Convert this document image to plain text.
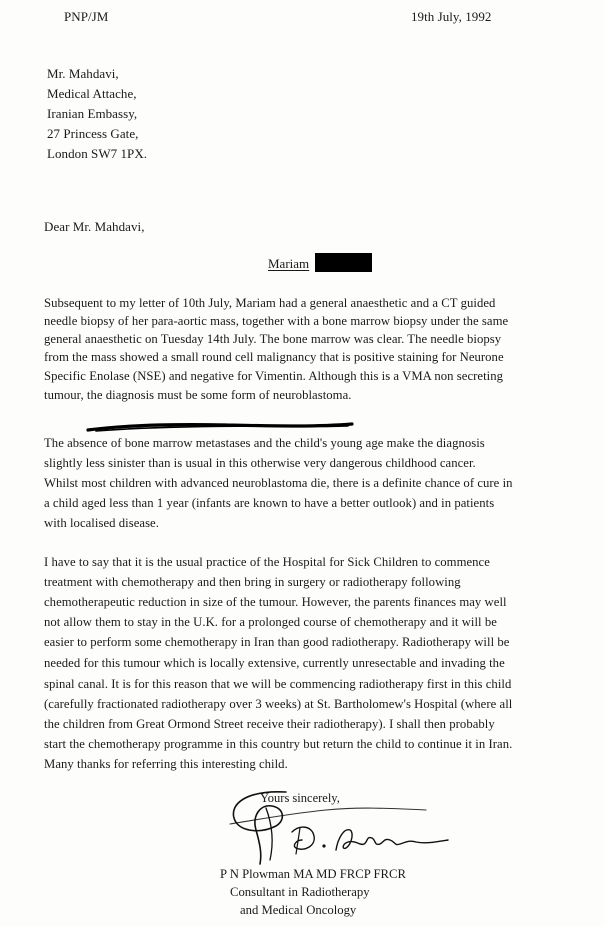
PNP/JM	19th July, 1992
Mr. Mahdavi,
Medical Attache,
Iranian Embassy,
27 Princess Gate,
London SW7 1PX.
Dear Mr. Mahdavi,
Mariam
Subsequent to my letter of 10th July, Mariam had a general anaesthetic and a CT guided
needle biopsy of her para-aortic mass, together with a bone marrow biopsy under the same
general anaesthetic on Tuesday 14th July. The bone marrow was clear. The needle biopsy
from the mass showed a small round cell malignancy that is positive staining for Neurone
Specific Enolase (NSE) and negative for Vimentin. Although this is a VMA non secreting
tumour, the diagnosis must be some form of neuroblastoma.
The absence of bone marrow metastases and the child's young age make the diagnosis
slightly less sinister than is usual in this otherwise very dangerous childhood cancer.
Whilst most children with advanced neuroblastoma die, there is a definite chance of cure in
a child aged less than 1 year (infants are known to have a better outlook) and in patients
with localised disease.
I have to say that it is the usual practice of the Hospital for Sick Children to commence
treatment with chemotherapy and then bring in surgery or radiotherapy following
chemotherapeutic reduction in size of the tumour. However, the parents finances may well
not allow them to stay in the U.K. for a prolonged course of chemotherapy and it will be
easier to perform some chemotherapy in Iran than good radiotherapy. Radiotherapy will be
needed for this tumour which is locally extensive, currently unresectable and invading the
spinal canal. It is for this reason that we will be commencing radiotherapy first in this child
(carefully fractionated radiotherapy over 3 weeks) at St. Bartholomew's Hospital (where all
the children from Great Ormond Street receive their radiotherapy). I shall then probably
start the chemotherapy programme in this country but return the child to continue it in Iran.
Many thanks for referring this interesting child.
Yours sincerely,
P N Plowman MA MD FRCP FRCR
Consultant in Radiotherapy
and Medical Oncology
